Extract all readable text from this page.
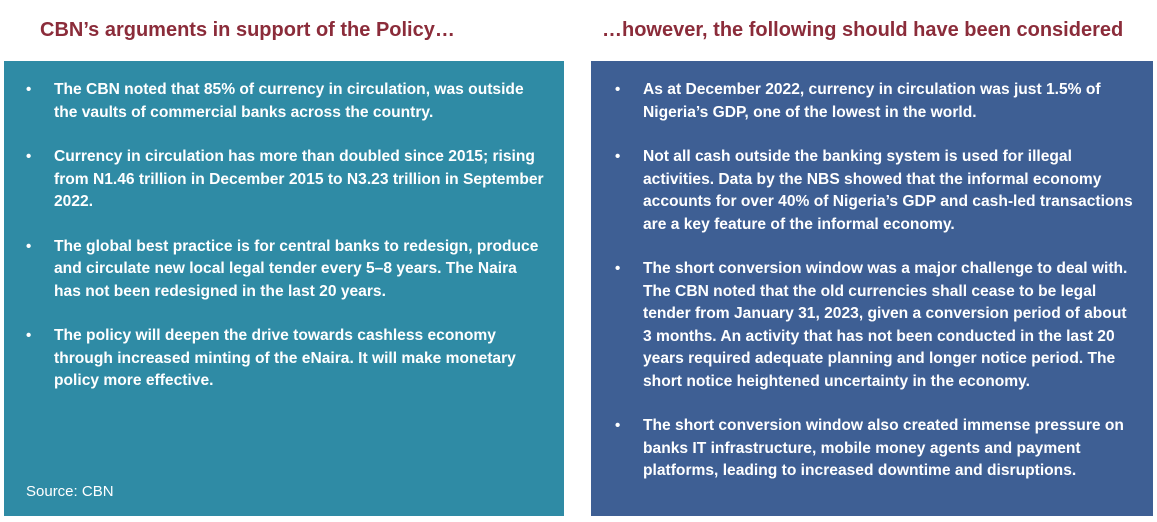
CBN’s arguments in support of the Policy…	…however, the following should have been considered
• The CBN noted that 85% of currency in circulation, was outside the vaults of commercial banks across the country.
• Currency in circulation has more than doubled since 2015; rising from N1.46 trillion in December 2015 to N3.23 trillion in September 2022.
• The global best practice is for central banks to redesign, produce and circulate new local legal tender every 5–8 years. The Naira has not been redesigned in the last 20 years.
• The policy will deepen the drive towards cashless economy through increased minting of the eNaira. It will make monetary policy more effective.
Source: CBN
• As at December 2022, currency in circulation was just 1.5% of Nigeria’s GDP, one of the lowest in the world.
• Not all cash outside the banking system is used for illegal activities. Data by the NBS showed that the informal economy accounts for over 40% of Nigeria’s GDP and cash-led transactions are a key feature of the informal economy.
• The short conversion window was a major challenge to deal with. The CBN noted that the old currencies shall cease to be legal tender from January 31, 2023, given a conversion period of about 3 months. An activity that has not been conducted in the last 20 years required adequate planning and longer notice period. The short notice heightened uncertainty in the economy.
• The short conversion window also created immense pressure on banks IT infrastructure, mobile money agents and payment platforms, leading to increased downtime and disruptions.
